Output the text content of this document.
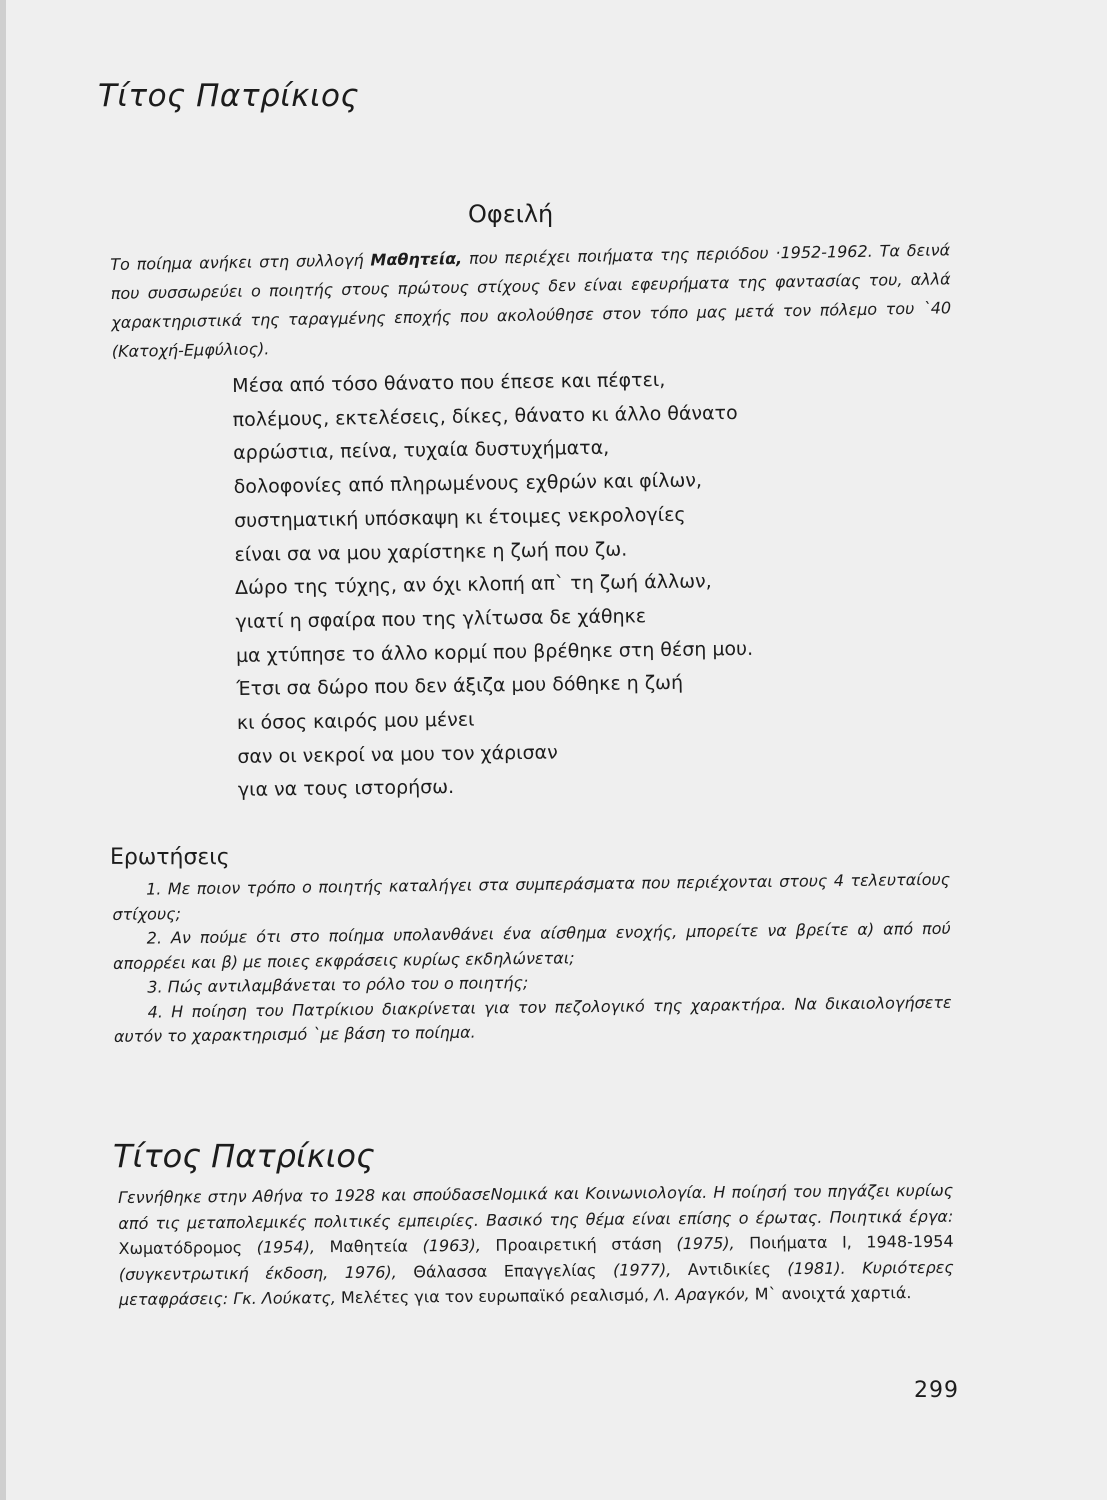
Τίτος Πατρίκιος
Οφειλή
Το ποίημα ανήκει στη συλλογή Μαθητεία, που περιέχει ποιήματα της περιόδου ·1952-1962. Τα δεινά που συσσωρεύει ο ποιητής στους πρώτους στίχους δεν είναι εφευρήματα της φαντασίας του, αλλά χαρακτηριστικά της ταραγμένης εποχής που ακολούθησε στον τόπο μας μετά τον πόλεμο του `40 (Κατοχή-Εμφύλιος).
Μέσα από τόσο θάνατο που έπεσε και πέφτει,
πολέμους, εκτελέσεις, δίκες, θάνατο κι άλλο θάνατο
αρρώστια, πείνα, τυχαία δυστυχήματα,
δολοφονίες από πληρωμένους εχθρών και φίλων,
συστηματική υπόσκαψη κι έτοιμες νεκρολογίες
είναι σα να μου χαρίστηκε η ζωή που ζω.
Δώρο της τύχης, αν όχι κλοπή απ` τη ζωή άλλων,
γιατί η σφαίρα που της γλίτωσα δε χάθηκε
μα χτύπησε το άλλο κορμί που βρέθηκε στη θέση μου.
Έτσι σα δώρο που δεν άξιζα μου δόθηκε η ζωή
κι όσος καιρός μου μένει
σαν οι νεκροί να μου τον χάρισαν
για να τους ιστορήσω.
Ερωτήσεις
1. Με ποιον τρόπο ο ποιητής καταλήγει στα συμπεράσματα που περιέχονται στους 4 τελευταίους στίχους;
2. Αν πούμε ότι στο ποίημα υπολανθάνει ένα αίσθημα ενοχής, μπορείτε να βρείτε α) από πού απορρέει και β) με ποιες εκφράσεις κυρίως εκδηλώνεται;
3. Πώς αντιλαμβάνεται το ρόλο του ο ποιητής;
4. Η ποίηση του Πατρίκιου διακρίνεται για τον πεζολογικό της χαρακτήρα. Να δικαιολογήσετε αυτόν το χαρακτηρισμό `με βάση το ποίημα.
Τίτος Πατρίκιος
Γεννήθηκε στην Αθήνα το 1928 και σπούδασεΝομικά και Κοινωνιολογία. Η ποίησή του πηγάζει κυρίως από τις μεταπολεμικές πολιτικές εμπειρίες. Βασικό της θέμα είναι επίσης ο έρωτας. Ποιητικά έργα: Χωματόδρομος (1954), Μαθητεία (1963), Προαιρετική στάση (1975), Ποιήματα Ι, 1948-1954 (συγκεντρωτική έκδοση, 1976), Θάλασσα Επαγγελίας (1977), Αντιδικίες (1981). Κυριότερες μεταφράσεις: Γκ. Λούκατς, Μελέτες για τον ευρωπαϊκό ρεαλισμό, Λ. Αραγκόν, Μ` ανοιχτά χαρτιά.
299
